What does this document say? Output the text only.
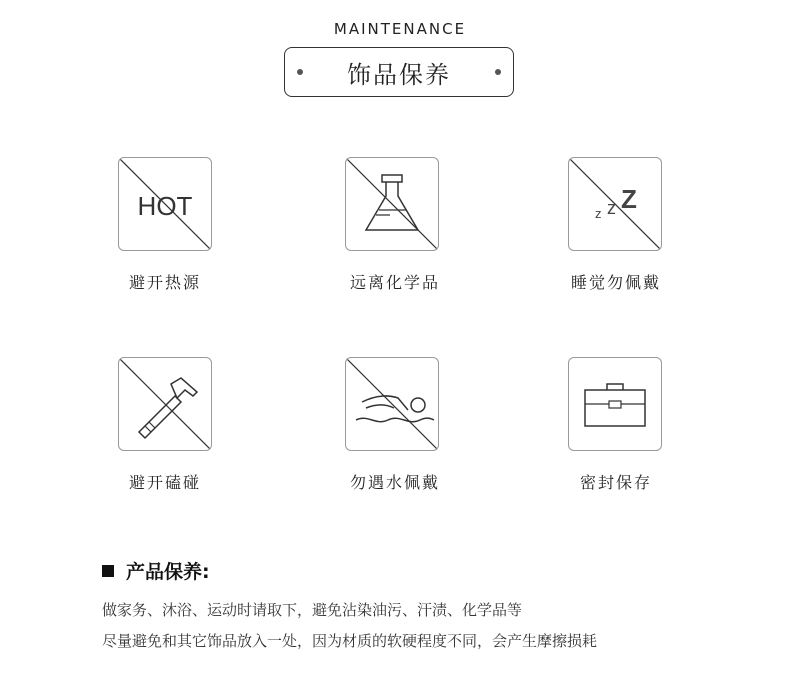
MAINTENANCE
饰品保养
HOT
避开热源	远离化学品
z z Z
睡觉勿佩戴
避开磕碰	勿遇水佩戴	密封保存
产品保养:
做家务、沐浴、运动时请取下，避免沾染油污、汗渍、化学品等
尽量避免和其它饰品放入一处，因为材质的软硬程度不同，会产生摩擦损耗
